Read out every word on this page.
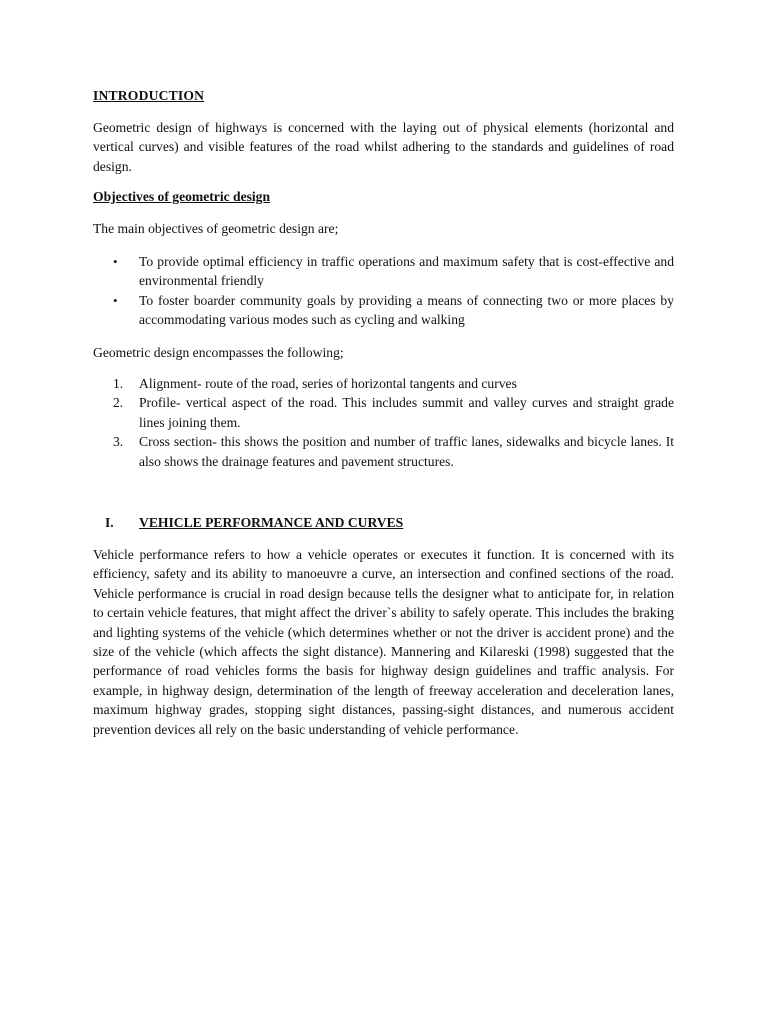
INTRODUCTION

Geometric design of highways is concerned with the laying out of physical elements (horizontal and vertical curves) and visible features of the road whilst adhering to the standards and guidelines of road design.

Objectives of geometric design

The main objectives of geometric design are;

• To provide optimal efficiency in traffic operations and maximum safety that is cost-effective and environmental friendly
• To foster boarder community goals by providing a means of connecting two or more places by accommodating various modes such as cycling and walking

Geometric design encompasses the following;

1. Alignment- route of the road, series of horizontal tangents and curves
2. Profile- vertical aspect of the road. This includes summit and valley curves and straight grade lines joining them.
3. Cross section- this shows the position and number of traffic lanes, sidewalks and bicycle lanes. It also shows the drainage features and pavement structures.
I. VEHICLE PERFORMANCE AND CURVES

Vehicle performance refers to how a vehicle operates or executes it function. It is concerned with its efficiency, safety and its ability to manoeuvre a curve, an intersection and confined sections of the road. Vehicle performance is crucial in road design because tells the designer what to anticipate for, in relation to certain vehicle features, that might affect the driver`s ability to safely operate. This includes the braking and lighting systems of the vehicle (which determines whether or not the driver is accident prone) and the size of the vehicle (which affects the sight distance). Mannering and Kilareski (1998) suggested that the performance of road vehicles forms the basis for highway design guidelines and traffic analysis. For example, in highway design, determination of the length of freeway acceleration and deceleration lanes, maximum highway grades, stopping sight distances, passing-sight distances, and numerous accident prevention devices all rely on the basic understanding of vehicle performance.
